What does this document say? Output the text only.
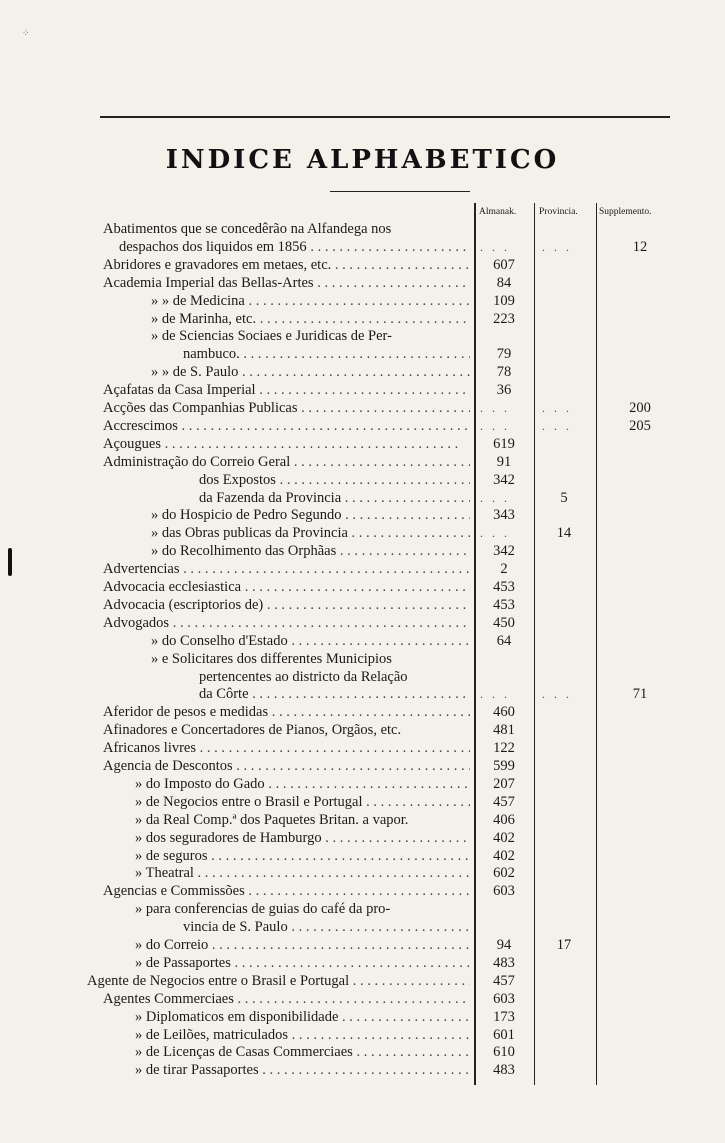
⁘
INDICE ALPHABETICO
Almanak. Provincia. Supplemento.
Abatimentos que se concedêrão na Alfandega nos
despachos dos liquidos em 1856 . . .	. . .	. . .	12
Abridores e gravadores em metaes, etc. . . .	607
Academia Imperial das Bellas-Artes . . .	84
» » de Medicina . . .	109
» de Marinha, etc. . . .	223
» de Sciencias Sociaes e Juridicas de Per-
nambuco. . . .	79
» » de S. Paulo . . .	78
Açafatas da Casa Imperial . . .	36
Acções das Companhias Publicas . . .	. . .	. . .	200
Accrescimos . . .	. . .	. . .	205
Açougues . . .	619
Administração do Correio Geral . . .	91
dos Expostos . . .	342
da Fazenda da Provincia . . .	. . .	5
» do Hospicio de Pedro Segundo . . .	343
» das Obras publicas da Provincia . . .	. . .	14
» do Recolhimento das Orphãas . . .	342
Advertencias . . .	2
Advocacia ecclesiastica . . .	453
Advocacia (escriptorios de) . . .	453
Advogados . . .	450
» do Conselho d'Estado . . .	64
» e Solicitares dos differentes Municipios
pertencentes ao districto da Relação
da Côrte . . .	. . .	. . .	71
Aferidor de pesos e medidas . . .	460
Afinadores e Concertadores de Pianos, Orgãos, etc.	481
Africanos livres . . .	122
Agencia de Descontos . . .	599
» do Imposto do Gado . . .	207
» de Negocios entre o Brasil e Portugal . . .	457
» da Real Comp.ª dos Paquetes Britan. a vapor.	406
» dos seguradores de Hamburgo . . .	402
» de seguros . . .	402
» Theatral . . .	602
Agencias e Commissões . . .	603
» para conferencias de guias do café da pro-
vincia de S. Paulo . . .
» do Correio . . .	94	17
» de Passaportes . . .	483
Agente de Negocios entre o Brasil e Portugal . . .	457
Agentes Commerciaes . . .	603
» Diplomaticos em disponibilidade . . .	173
» de Leilões, matriculados . . .	601
» de Licenças de Casas Commerciaes . . .	610
» de tirar Passaportes . . .	483
